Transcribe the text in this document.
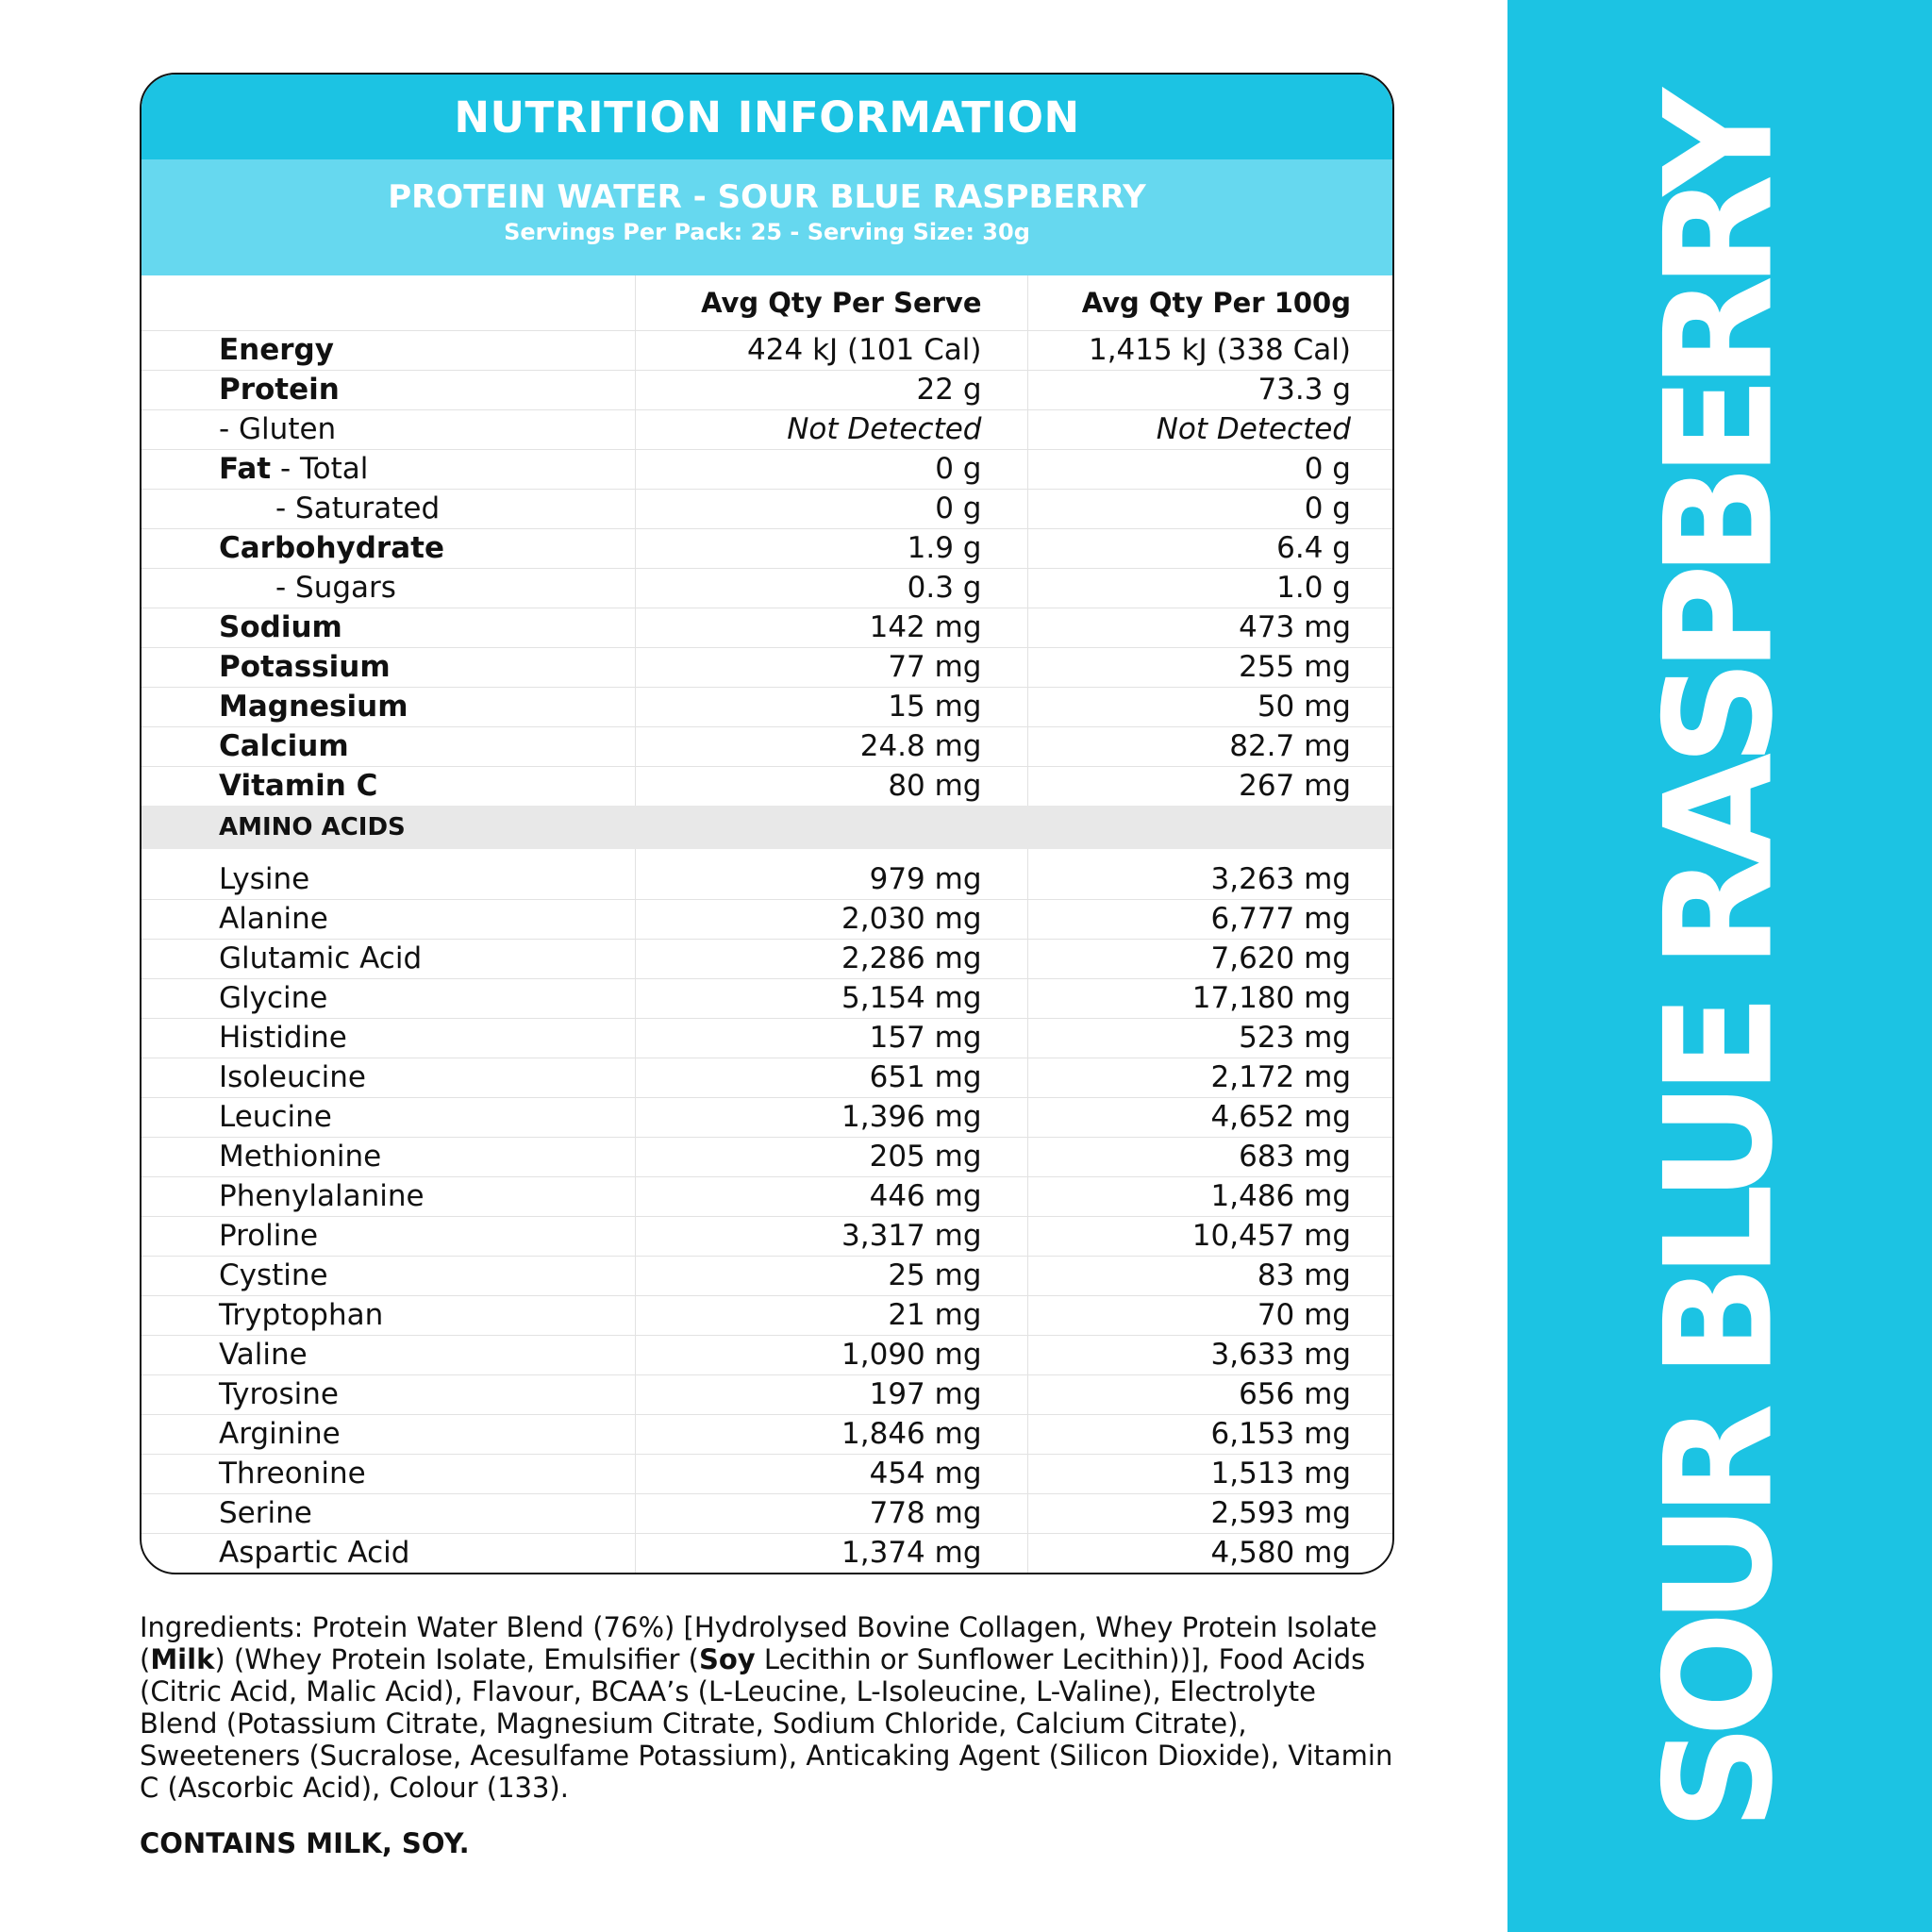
NUTRITION INFORMATION
PROTEIN WATER - SOUR BLUE RASPBERRY
Servings Per Pack: 25 - Serving Size: 30g
	Avg Qty Per Serve	Avg Qty Per 100g
Energy	424 kJ (101 Cal)	1,415 kJ (338 Cal)
Protein	22 g	73.3 g
- Gluten	Not Detected	Not Detected
Fat - Total	0 g	0 g
- Saturated	0 g	0 g
Carbohydrate	1.9 g	6.4 g
- Sugars	0.3 g	1.0 g
Sodium	142 mg	473 mg
Potassium	77 mg	255 mg
Magnesium	15 mg	50 mg
Calcium	24.8 mg	82.7 mg
Vitamin C	80 mg	267 mg
AMINO ACIDS		

Lysine	979 mg	3,263 mg
Alanine	2,030 mg	6,777 mg
Glutamic Acid	2,286 mg	7,620 mg
Glycine	5,154 mg	17,180 mg
Histidine	157 mg	523 mg
Isoleucine	651 mg	2,172 mg
Leucine	1,396 mg	4,652 mg
Methionine	205 mg	683 mg
Phenylalanine	446 mg	1,486 mg
Proline	3,317 mg	10,457 mg
Cystine	25 mg	83 mg
Tryptophan	21 mg	70 mg
Valine	1,090 mg	3,633 mg
Tyrosine	197 mg	656 mg
Arginine	1,846 mg	6,153 mg
Threonine	454 mg	1,513 mg
Serine	778 mg	2,593 mg
Aspartic Acid	1,374 mg	4,580 mg
Ingredients: Protein Water Blend (76%) [Hydrolysed Bovine Collagen, Whey Protein Isolate (Milk) (Whey Protein Isolate, Emulsifier (Soy Lecithin or Sunflower Lecithin))], Food Acids (Citric Acid, Malic Acid), Flavour, BCAA’s (L-Leucine, L-Isoleucine, L-Valine), Electrolyte Blend (Potassium Citrate, Magnesium Citrate, Sodium Chloride, Calcium Citrate), Sweeteners (Sucralose, Acesulfame Potassium), Anticaking Agent (Silicon Dioxide), Vitamin C (Ascorbic Acid), Colour (133).
CONTAINS MILK, SOY.
SOUR BLUE RASPBERRY
